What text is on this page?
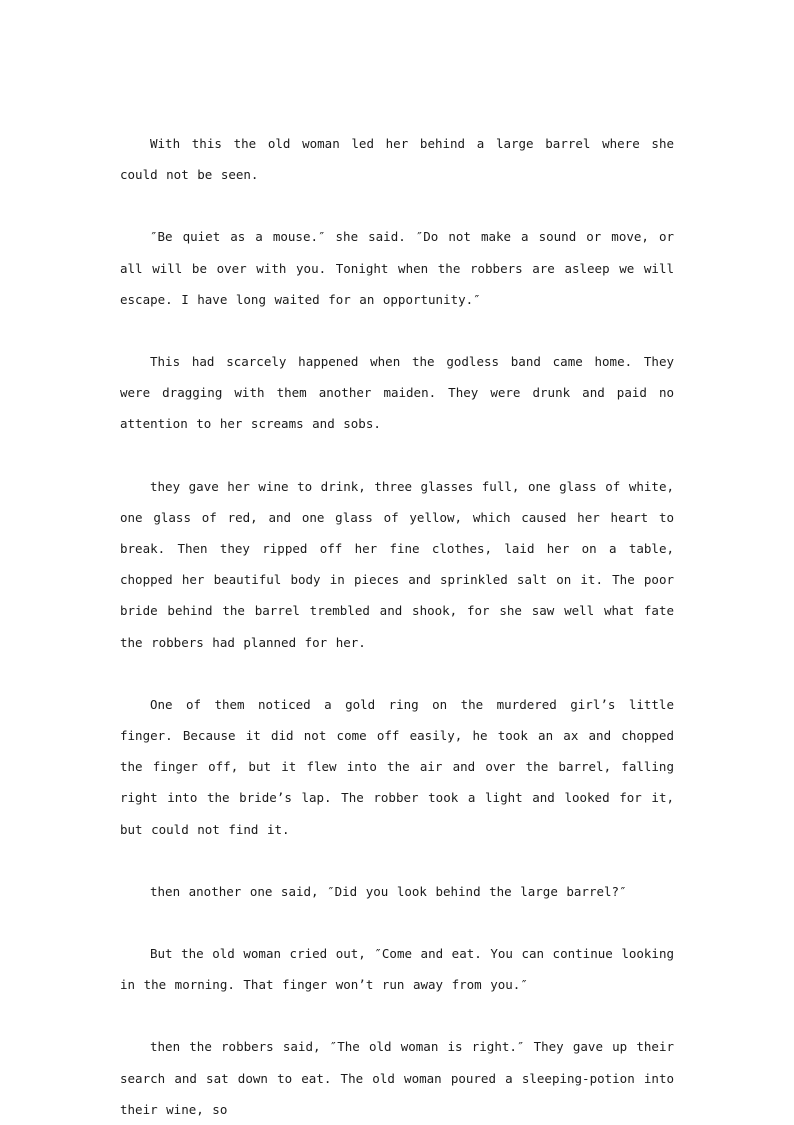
With this the old woman led her behind a large barrel where she could not be seen.

″Be quiet as a mouse.″ she said. ″Do not make a sound or move, or all will be over with you. Tonight when the robbers are asleep we will escape. I have long waited for an opportunity.″

This had scarcely happened when the godless band came home. They were dragging with them another maiden. They were drunk and paid no attention to her screams and sobs.

they gave her wine to drink, three glasses full, one glass of white, one glass of red, and one glass of yellow, which caused her heart to break. Then they ripped off her fine clothes, laid her on a table, chopped her beautiful body in pieces and sprinkled salt on it. The poor bride behind the barrel trembled and shook, for she saw well what fate the robbers had planned for her.

One of them noticed a gold ring on the murdered girl’s little finger. Because it did not come off easily, he took an ax and chopped the finger off, but it flew into the air and over the barrel, falling right into the bride’s lap. The robber took a light and looked for it, but could not find it.

then another one said, ″Did you look behind the large barrel?″

But the old woman cried out, ″Come and eat. You can continue looking in the morning. That finger won’t run away from you.″

then the robbers said, ″The old woman is right.″ They gave up their search and sat down to eat. The old woman poured a sleeping-potion into their wine, so
